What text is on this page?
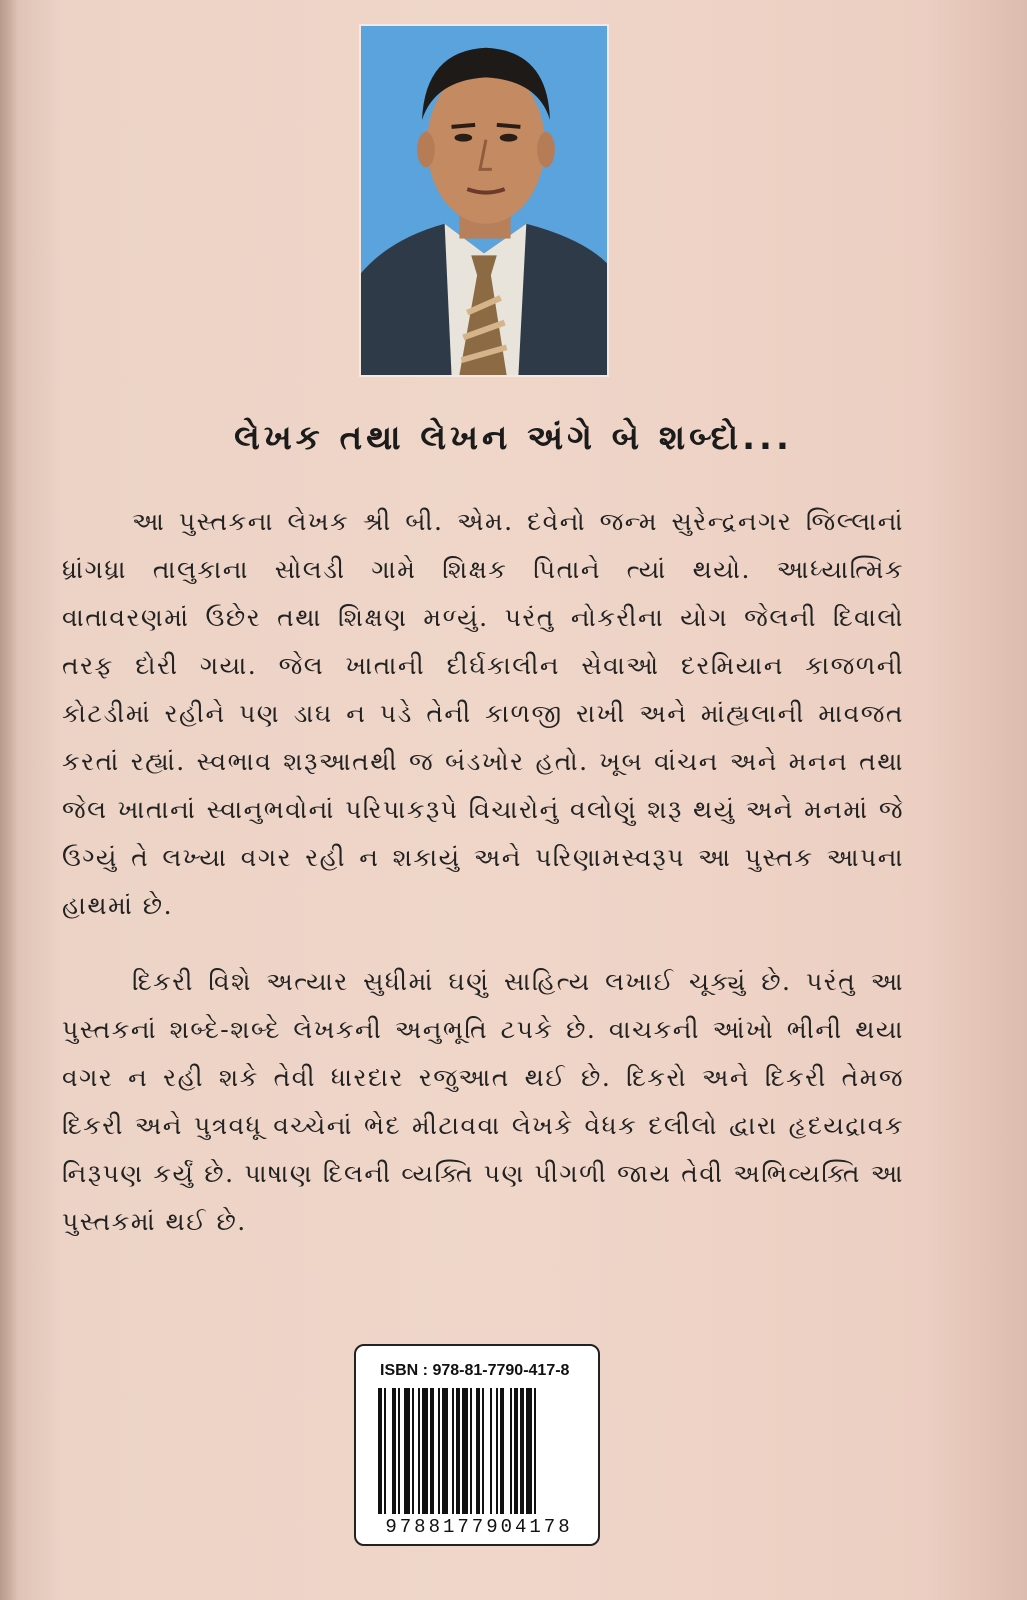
લેખક તથા લેખન અંગે બે શબ્દો...
આ પુસ્તકના લેખક શ્રી બી. એમ. દવેનો જન્મ સુરેન્દ્રનગર જિલ્લાનાં ધ્રાંગધ્રા તાલુકાના સોલડી ગામે શિક્ષક પિતાને ત્યાં થયો. આધ્યાત્મિક વાતાવરણમાં ઉછેર તથા શિક્ષણ મળ્યું. પરંતુ નોકરીના યોગ જેલની દિવાલો તરફ દોરી ગયા. જેલ ખાતાની દીર્ઘકાલીન સેવાઓ દરમિયાન કાજળની કોટડીમાં રહીને પણ ડાઘ ન પડે તેની કાળજી રાખી અને માંહ્યલાની માવજત કરતાં રહ્યાં. સ્વભાવ શરૂઆતથી જ બંડખોર હતો. ખૂબ વાંચન અને મનન તથા જેલ ખાતાનાં સ્વાનુભવોનાં પરિપાકરૂપે વિચારોનું વલોણું શરૂ થયું અને મનમાં જે ઉગ્યું તે લખ્યા વગર રહી ન શકાયું અને પરિણામસ્વરૂપ આ પુસ્તક આપના હાથમાં છે.
દિકરી વિશે અત્યાર સુધીમાં ઘણું સાહિત્ય લખાઈ ચૂક્યું છે. પરંતુ આ પુસ્તકનાં શબ્દે-શબ્દે લેખકની અનુભૂતિ ટપકે છે. વાચકની આંખો ભીની થયા વગર ન રહી શકે તેવી ધારદાર રજુઆત થઈ છે. દિકરો અને દિકરી તેમજ દિકરી અને પુત્રવધૂ વચ્ચેનાં ભેદ મીટાવવા લેખકે વેધક દલીલો દ્વારા હૃદયદ્રાવક નિરૂપણ કર્યું છે. પાષાણ દિલની વ્યક્તિ પણ પીગળી જાય તેવી અભિવ્યક્તિ આ પુસ્તકમાં થઈ છે.
ISBN : 978-81-7790-417-8
9788177904178
